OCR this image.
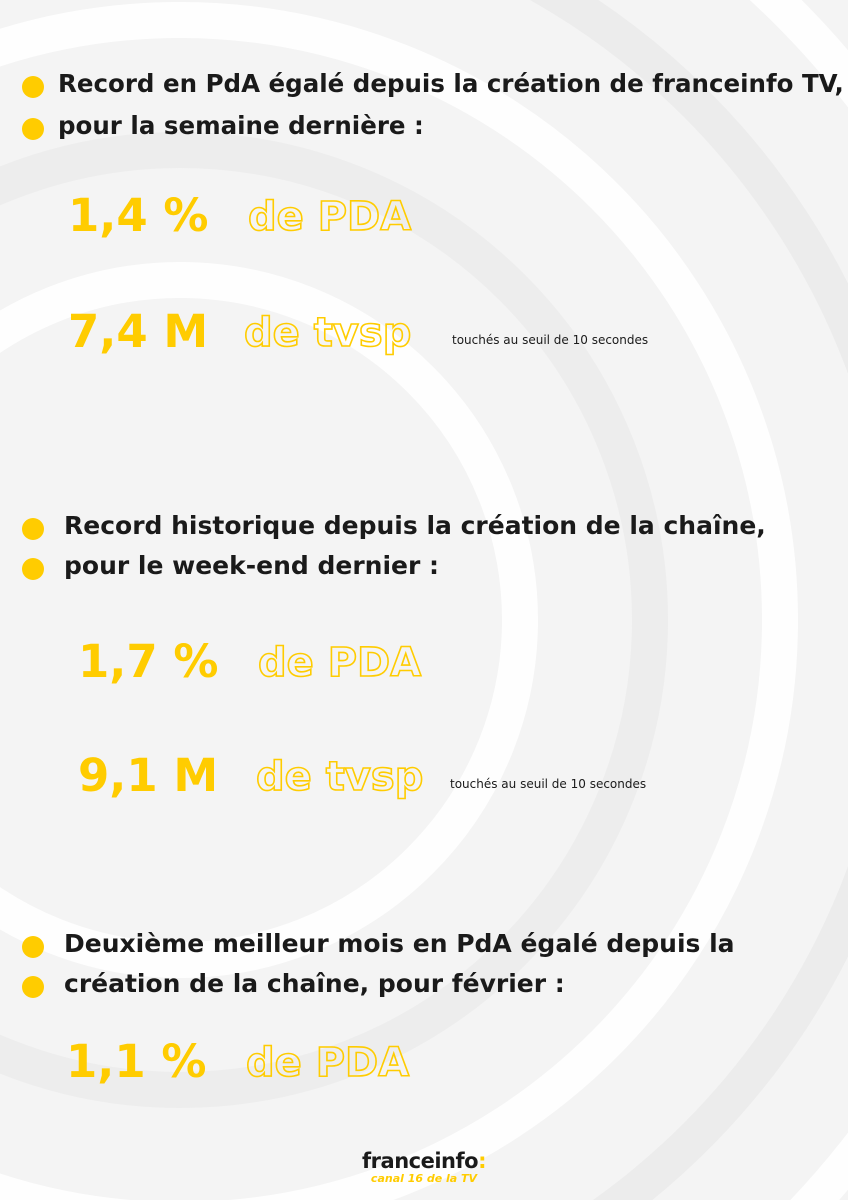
Record en PdA égalé depuis la création de franceinfo TV,
pour la semaine dernière :
1,4 % de PDA
7,4 M de tvsp	touchés au seuil de 10 secondes
Record historique depuis la création de la chaîne,
pour le week-end dernier :
1,7 % de PDA
9,1 M de tvsp touchés au seuil de 10 secondes
Deuxième meilleur mois en PdA égalé depuis la
création de la chaîne, pour février :
1,1 % de PDA
franceinfo:
canal 16 de la TV
